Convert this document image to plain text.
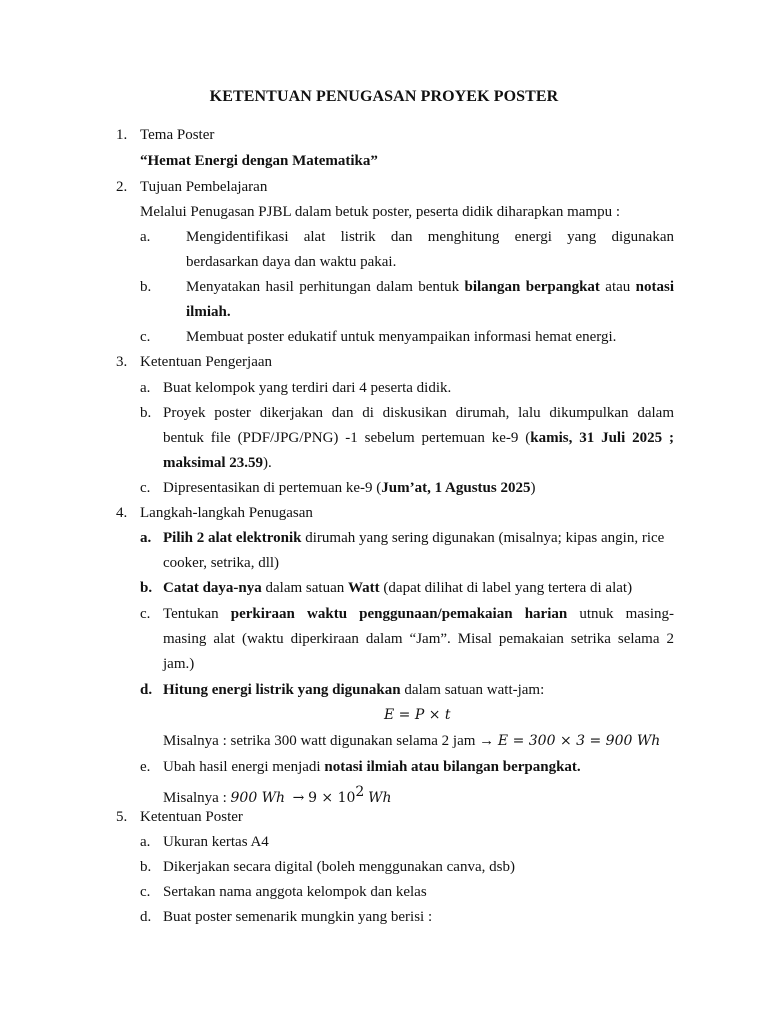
KETENTUAN PENUGASAN PROYEK POSTER
1. Tema Poster
“Hemat Energi dengan Matematika”
2. Tujuan Pembelajaran
Melalui Penugasan PJBL dalam betuk poster, peserta didik diharapkan mampu :
a. Mengidentifikasi alat listrik dan menghitung energi yang digunakan
berdasarkan daya dan waktu pakai.
b. Menyatakan hasil perhitungan dalam bentuk bilangan berpangkat atau notasi
ilmiah.
c. Membuat poster edukatif untuk menyampaikan informasi hemat energi.
3. Ketentuan Pengerjaan
a. Buat kelompok yang terdiri dari 4 peserta didik.
b. Proyek poster dikerjakan dan di diskusikan dirumah, lalu dikumpulkan dalam
bentuk file (PDF/JPG/PNG) -1 sebelum pertemuan ke-9 (kamis, 31 Juli 2025 ;
maksimal 23.59).
c. Dipresentasikan di pertemuan ke-9 (Jum’at, 1 Agustus 2025)
4. Langkah-langkah Penugasan
a. Pilih 2 alat elektronik dirumah yang sering digunakan (misalnya; kipas angin, rice
cooker, setrika, dll)
b. Catat daya-nya dalam satuan Watt (dapat dilihat di label yang tertera di alat)
c. Tentukan perkiraan waktu penggunaan/pemakaian harian utnuk masing-
masing alat (waktu diperkiraan dalam “Jam”. Misal pemakaian setrika selama 2
jam.)
d. Hitung energi listrik yang digunakan dalam satuan watt-jam:
E = P × t
Misalnya : setrika 300 watt digunakan selama 2 jam → E = 300 × 3 = 900 Wh
e. Ubah hasil energi menjadi notasi ilmiah atau bilangan berpangkat.
Misalnya : 900 $Wh \to 9 \times 10^2$ Wh
5. Ketentuan Poster
a. Ukuran kertas A4
b. Dikerjakan secara digital (boleh menggunakan canva, dsb)
c. Sertakan nama anggota kelompok dan kelas
d. Buat poster semenarik mungkin yang berisi :
